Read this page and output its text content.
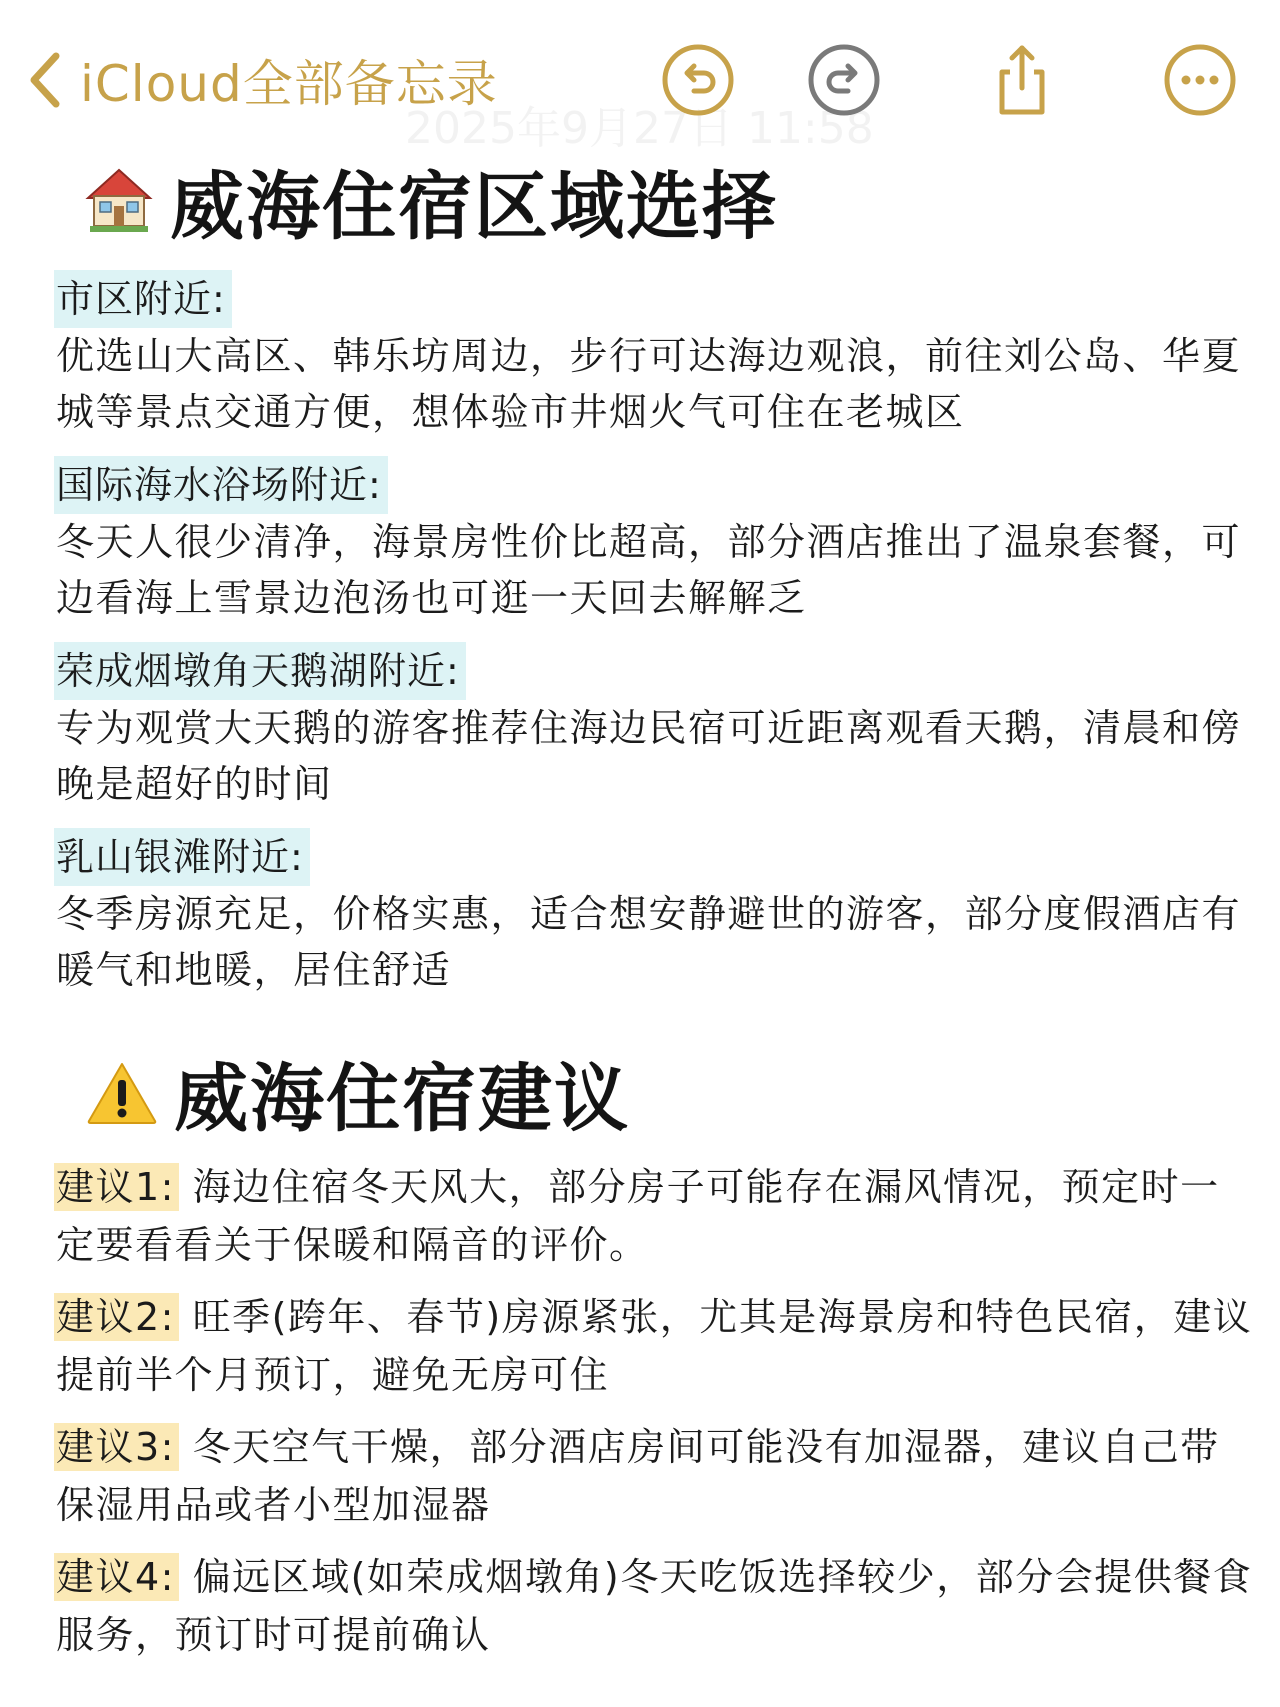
iCloud全部备忘录
2025年9月27日 11:58
威海住宿区域选择
市区附近:

优选山大高区、韩乐坊周边，步行可达海边观浪，前往刘公岛、华夏城等景点交通方便，想体验市井烟火气可住在老城区

国际海水浴场附近:

冬天人很少清净，海景房性价比超高，部分酒店推出了温泉套餐，可边看海上雪景边泡汤也可逛一天回去解解乏

荣成烟墩角天鹅湖附近:

专为观赏大天鹅的游客推荐住海边民宿可近距离观看天鹅，清晨和傍晚是超好的时间

乳山银滩附近:

冬季房源充足，价格实惠，适合想安静避世的游客，部分度假酒店有暖气和地暖，居住舒适

威海住宿建议

建议1: 海边住宿冬天风大，部分房子可能存在漏风情况，预定时一定要看看关于保暖和隔音的评价。

建议2: 旺季(跨年、春节)房源紧张，尤其是海景房和特色民宿，建议提前半个月预订，避免无房可住

建议3: 冬天空气干燥，部分酒店房间可能没有加湿器，建议自己带保湿用品或者小型加湿器

建议4: 偏远区域(如荣成烟墩角)冬天吃饭选择较少，部分会提供餐食服务，预订时可提前确认
